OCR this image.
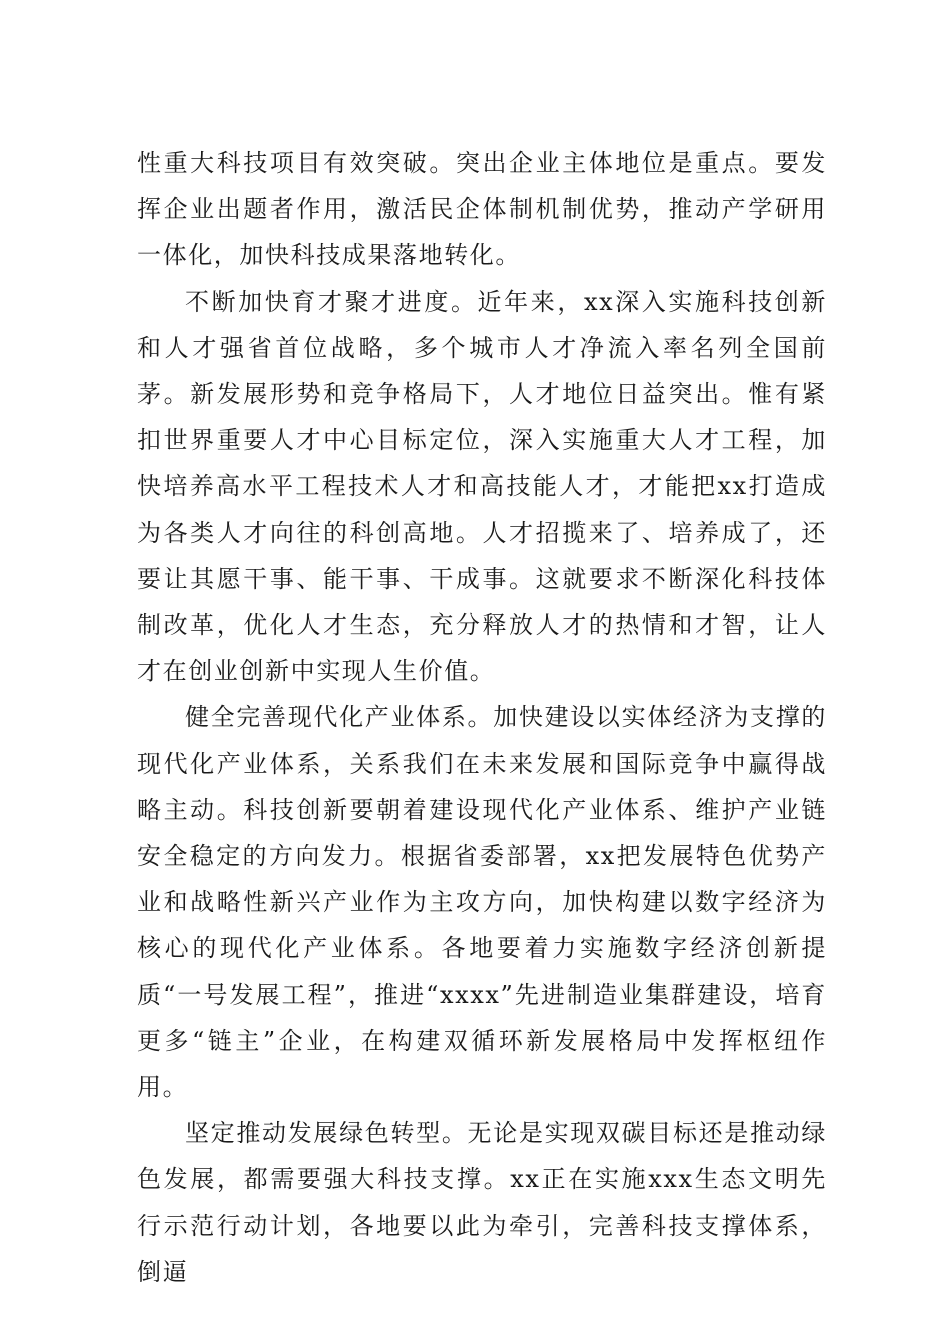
性重大科技项目有效突破。突出企业主体地位是重点。要发挥企业出题者作用，激活民企体制机制优势，推动产学研用一体化，加快科技成果落地转化。

不断加快育才聚才进度。近年来，xx深入实施科技创新和人才强省首位战略，多个城市人才净流入率名列全国前茅。新发展形势和竞争格局下，人才地位日益突出。惟有紧扣世界重要人才中心目标定位，深入实施重大人才工程，加快培养高水平工程技术人才和高技能人才，才能把xx打造成为各类人才向往的科创高地。人才招揽来了、培养成了，还要让其愿干事、能干事、干成事。这就要求不断深化科技体制改革，优化人才生态，充分释放人才的热情和才智，让人才在创业创新中实现人生价值。

健全完善现代化产业体系。加快建设以实体经济为支撑的现代化产业体系，关系我们在未来发展和国际竞争中赢得战略主动。科技创新要朝着建设现代化产业体系、维护产业链安全稳定的方向发力。根据省委部署，xx把发展特色优势产业和战略性新兴产业作为主攻方向，加快构建以数字经济为核心的现代化产业体系。各地要着力实施数字经济创新提质“一号发展工程”，推进“xxxx”先进制造业集群建设，培育更多“链主”企业，在构建双循环新发展格局中发挥枢纽作用。

坚定推动发展绿色转型。无论是实现双碳目标还是推动绿色发展，都需要强大科技支撑。xx正在实施xxx生态文明先行示范行动计划，各地要以此为牵引，完善科技支撑体系，倒逼
